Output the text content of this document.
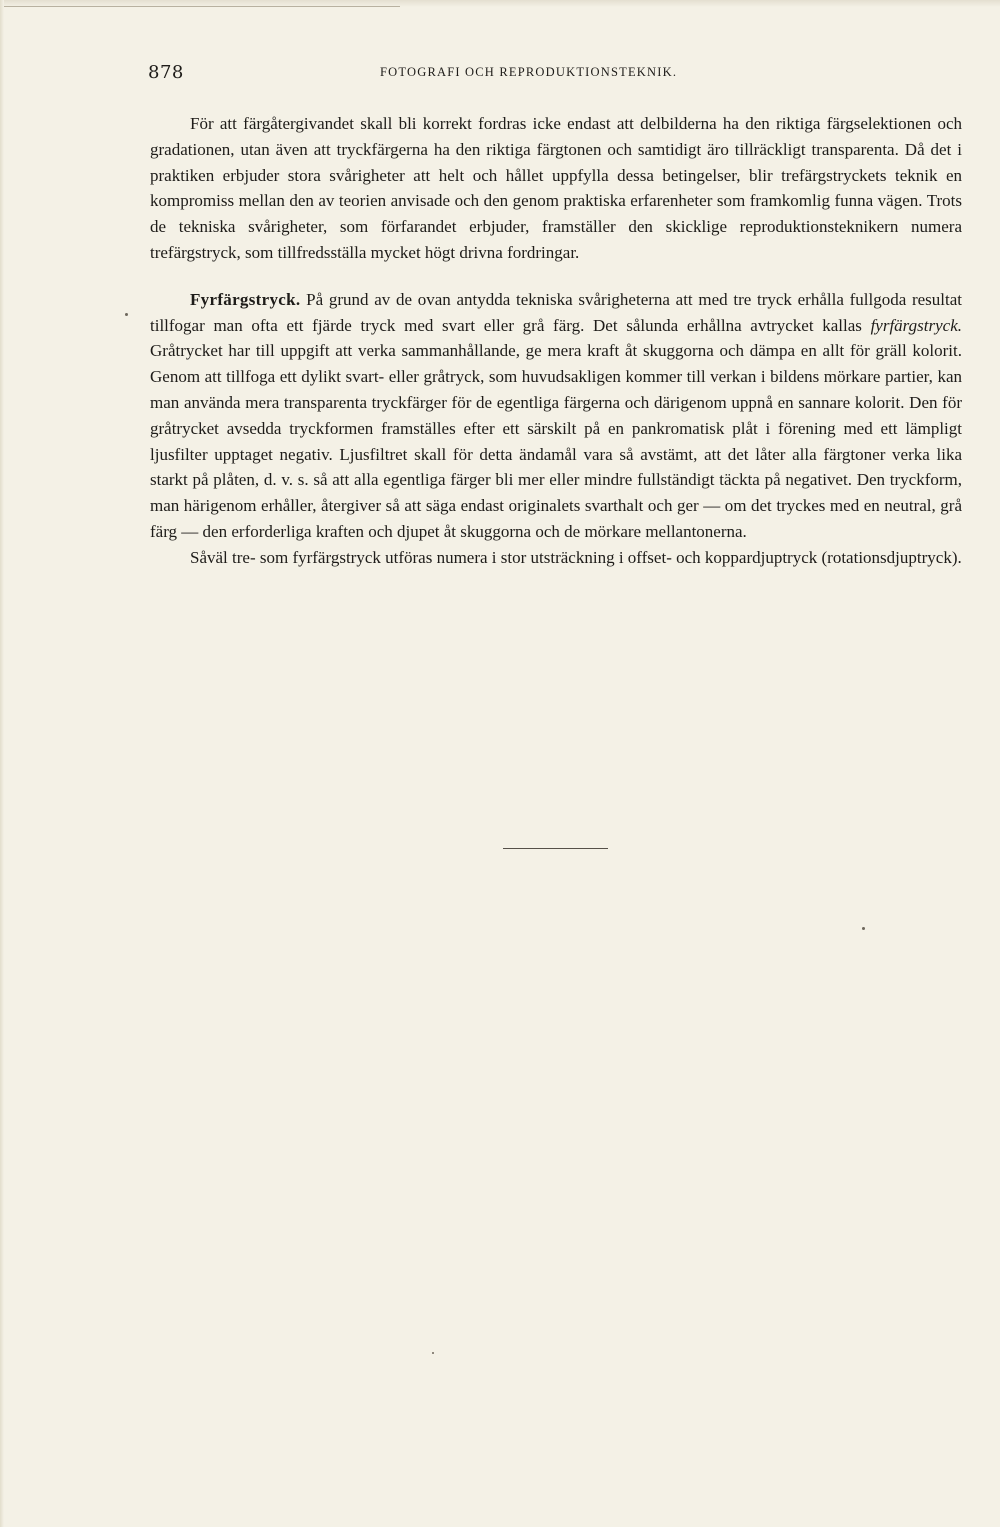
878	FOTOGRAFI OCH REPRODUKTIONSTEKNIK.

För att färgåtergivandet skall bli korrekt fordras icke endast att delbilderna ha den riktiga färgselektionen och gradationen, utan även att tryckfärgerna ha den riktiga färgtonen och samtidigt äro tillräckligt transparenta. Då det i praktiken erbjuder stora svårigheter att helt och hållet uppfylla dessa betingelser, blir trefärgstryckets teknik en kompromiss mellan den av teorien anvisade och den genom praktiska erfarenheter som framkomlig funna vägen. Trots de tekniska svårigheter, som förfarandet erbjuder, framställer den skicklige reproduktionsteknikern numera trefärgstryck, som tillfredsställa mycket högt drivna fordringar.

Fyrfärgstryck. På grund av de ovan antydda tekniska svårigheterna att med tre tryck erhålla fullgoda resultat tillfogar man ofta ett fjärde tryck med svart eller grå färg. Det sålunda erhållna avtrycket kallas fyrfärgstryck. Gråtrycket har till uppgift att verka sammanhållande, ge mera kraft åt skuggorna och dämpa en allt för gräll kolorit. Genom att tillfoga ett dylikt svart- eller gråtryck, som huvudsakligen kommer till verkan i bildens mörkare partier, kan man använda mera transparenta tryckfärger för de egentliga färgerna och därigenom uppnå en sannare kolorit. Den för gråtrycket avsedda tryckformen framställes efter ett särskilt på en pankromatisk plåt i förening med ett lämpligt ljusfilter upptaget negativ. Ljusfiltret skall för detta ändamål vara så avstämt, att det låter alla färgtoner verka lika starkt på plåten, d. v. s. så att alla egentliga färger bli mer eller mindre fullständigt täckta på negativet. Den tryckform, man härigenom erhåller, återgiver så att säga endast originalets svarthalt och ger — om det tryckes med en neutral, grå färg — den erforderliga kraften och djupet åt skuggorna och de mörkare mellantonerna.

Såväl tre- som fyrfärgstryck utföras numera i stor utsträckning i offset- och koppardjuptryck (rotationsdjuptryck).
